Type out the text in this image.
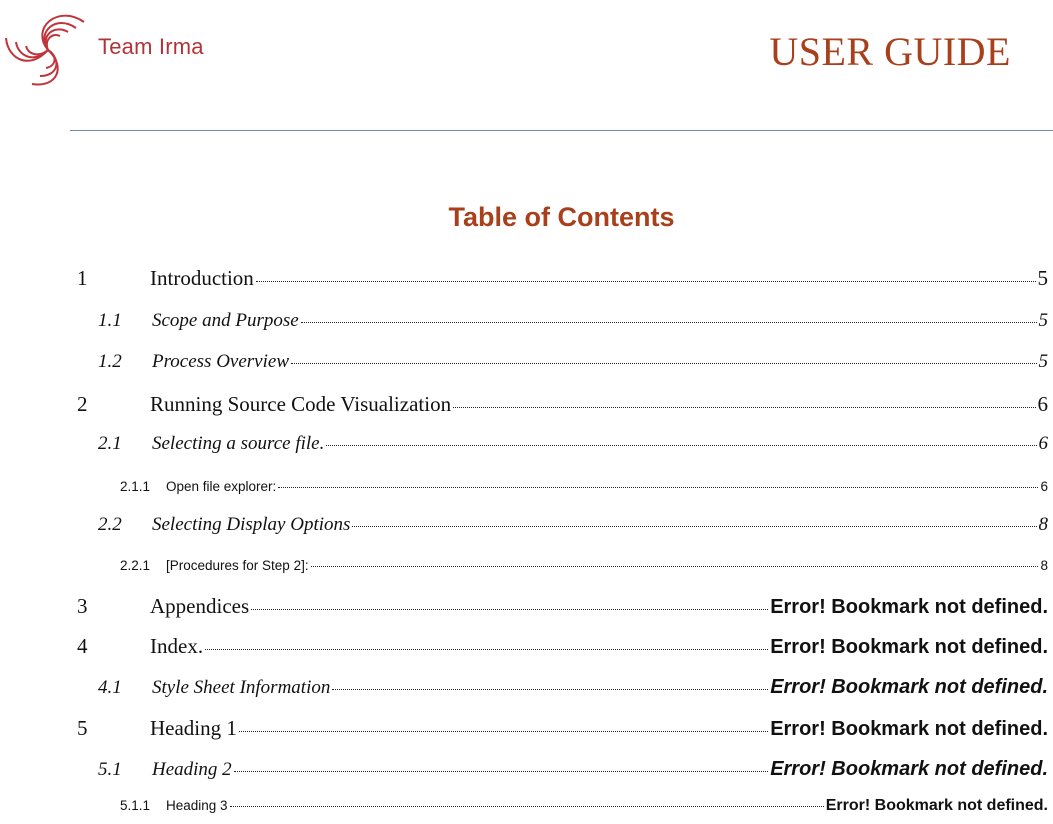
Team Irma	USER GUIDE
Table of Contents
1	Introduction	5
1.1	Scope and Purpose	5
1.2	Process Overview	5
2	Running Source Code Visualization	6
2.1	Selecting a source file.	6
2.1.1	Open file explorer:	6
2.2	Selecting Display Options	8
2.2.1	[Procedures for Step 2]:	8
3	Appendices	Error! Bookmark not defined.
4	Index.	Error! Bookmark not defined.
4.1	Style Sheet Information	Error! Bookmark not defined.
5	Heading 1	Error! Bookmark not defined.
5.1	Heading 2	Error! Bookmark not defined.
5.1.1	Heading 3	Error! Bookmark not defined.
